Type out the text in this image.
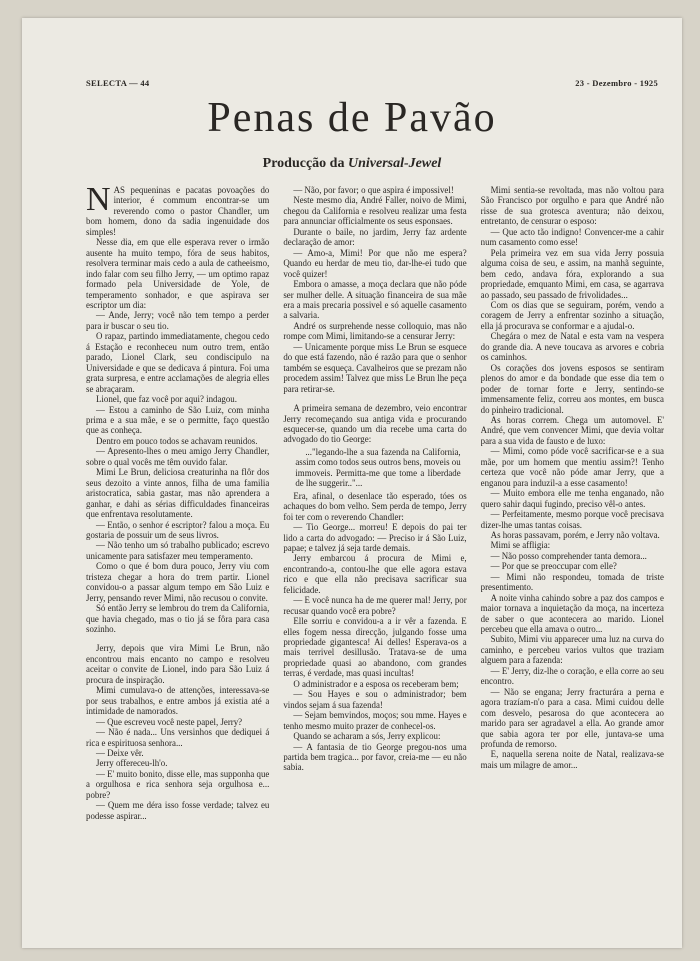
SELECTA — 44	23 - Dezembro - 1925
Penas de Pavão
Producção da Universal-Jewel

NAS pequeninas e pacatas povoações do interior, é commum encontrar-se um reverendo como o pastor Chandler, um bom homem, dono da sadia ingenuidade dos simples!

Nesse dia, em que elle esperava rever o irmão ausente ha muito tempo, fóra de seus habitos, resolvera terminar mais cedo a aula de catheeismo, indo falar com seu filho Jerry, — um optimo rapaz formado pela Universidade de Yole, de temperamento sonhador, e que aspirava ser escriptor um dia:

— Ande, Jerry; você não tem tempo a perder para ir buscar o seu tio.

O rapaz, partindo immediatamente, chegou cedo á Estação e reconheceu num outro trem, então parado, Lionel Clark, seu condiscipulo na Universidade e que se dedicava á pintura. Foi uma grata surpresa, e entre acclamações de alegria elles se abraçaram.

Lionel, que faz você por aqui? indagou.

— Estou a caminho de São Luiz, com minha prima e a sua mãe, e se o permitte, faço questão que as conheça.

Dentro em pouco todos se achavam reunidos.

— Apresento-lhes o meu amigo Jerry Chandler, sobre o qual vocês me têm ouvido falar.

Mimi Le Brun, deliciosa creaturinha na flôr dos seus dezoito a vinte annos, filha de uma familia aristocratica, sabia gastar, mas não aprendera a ganhar, e dahi as sérias difficuldades financeiras que enfrentava resolutamente.

— Então, o senhor é escriptor? falou a moça. Eu gostaria de possuir um de seus livros.

— Não tenho um só trabalho publicado; escrevo unicamente para satisfazer meu temperamento.

Como o que é bom dura pouco, Jerry viu com tristeza chegar a hora do trem partir. Lionel convidou-o a passar algum tempo em São Luiz e Jerry, pensando rever Mimi, não recusou o convite.

Só então Jerry se lembrou do trem da California, que havia chegado, mas o tio já se fôra para casa sozinho.

Jerry, depois que vira Mimi Le Brun, não encontrou mais encanto no campo e resolveu aceitar o convite de Lionel, indo para São Luiz á procura de inspiração.

Mimi cumulava-o de attenções, interessava-se por seus trabalhos, e entre ambos já existia até a intimidade de namorados.

— Que escreveu você neste papel, Jerry?

— Não é nada... Uns versinhos que dediquei á rica e espirituosa senhora...

— Deixe vêr.

Jerry offereceu-lh'o.

— E' muito bonito, disse elle, mas supponha que a orgulhosa e rica senhora seja orgulhosa e... pobre?

— Quem me déra isso fosse verdade; talvez eu podesse aspirar...

— Não, por favor; o que aspira é impossivel!

Neste mesmo dia, André Faller, noivo de Mimi, chegou da California e resolveu realizar uma festa para annunciar officialmente os seus esponsaes.

Durante o baile, no jardim, Jerry faz ardente declaração de amor:

— Amo-a, Mimi! Por que não me espera? Quando eu herdar de meu tio, dar-lhe-ei tudo que você quizer!

Embora o amasse, a moça declara que não póde ser mulher delle. A situação financeira de sua mãe era a mais precaria possivel e só aquelle casamento a salvaria.

André os surprehende nesse colloquio, mas não rompe com Mimi, limitando-se a censurar Jerry:

— Unicamente porque miss Le Brun se esquece do que está fazendo, não é razão para que o senhor também se esqueça. Cavalheiros que se prezam não procedem assim! Talvez que miss Le Brun lhe peça para retirar-se.

A primeira semana de dezembro, veio encontrar Jerry recomeçando sua antiga vida e procurando esquecer-se, quando um dia recebe uma carta do advogado do tio George:

..."legando-lhe a sua fazenda na California, assim como todos seus outros bens, moveis ou immoveis. Permitta-me que tome a liberdade de lhe suggerir.."...

Era, afinal, o desenlace tão esperado, tóes os achaques do bom velho. Sem perda de tempo, Jerry foi ter com o reverendo Chandler:

— Tio George... morreu! E depois do pai ter lido a carta do advogado: — Preciso ir á São Luiz, papae; e talvez já seja tarde demais.

Jerry embarcou á procura de Mimi e, encontrando-a, contou-lhe que elle agora estava rico e que ella não precisava sacrificar sua felicidade.

— E você nunca ha de me querer mal! Jerry, por recusar quando você era pobre?

Elle sorriu e convidou-a a ir vêr a fazenda. E elles fogem nessa direcção, julgando fosse uma propriedade gigantesca! Ai delles! Esperava-os a mais terrivel desillusão. Tratava-se de uma propriedade quasi ao abandono, com grandes terras, é verdade, mas quasi incultas!

O administrador e a esposa os receberam bem;

— Sou Hayes e sou o administrador; bem vindos sejam á sua fazenda!

— Sejam bemvindos, moços; sou mme. Hayes e tenho mesmo muito prazer de conhecel-os.

Quando se acharam a sós, Jerry explicou:

— A fantasia de tio George pregou-nos uma partida bem tragica... por favor, creia-me — eu não sabia.

Mimi sentia-se revoltada, mas não voltou para São Francisco por orgulho e para que André não risse de sua grotesca aventura; não deixou, entretanto, de censurar o esposo:

— Que acto tão indigno! Convencer-me a cahir num casamento como esse!

Pela primeira vez em sua vida Jerry possuia alguma coisa de seu, e assim, na manhã seguinte, bem cedo, andava fóra, explorando a sua propriedade, emquanto Mimi, em casa, se agarrava ao passado, seu passado de frivolidades...

Com os dias que se seguiram, porém, vendo a coragem de Jerry a enfrentar sozinho a situação, ella já procurava se conformar e a ajudal-o.

Chegára o mez de Natal e esta vam na vespera do grande dia. A neve toucava as arvores e cobria os caminhos.

Os corações dos jovens esposos se sentiram plenos do amor e da bondade que esse dia tem o poder de tornar forte e Jerry, sentindo-se immensamente feliz, correu aos montes, em busca do pinheiro tradicional.

As horas correm. Chega um automovel. E' André, que vem convencer Mimi, que devia voltar para a sua vida de fausto e de luxo:

— Mimi, como póde você sacrificar-se e a sua mãe, por um homem que mentiu assim?! Tenho certeza que você não póde amar Jerry, que a enganou para induzil-a a esse casamento!

— Muito embora elle me tenha enganado, não quero sahir daqui fugindo, preciso vêl-o antes.

— Perfeitamente, mesmo porque você precisava dizer-lhe umas tantas coisas.

As horas passavam, porém, e Jerry não voltava.

Mimi se affligia:

— Não posso comprehender tanta demora...

— Por que se preoccupar com elle?

— Mimi não respondeu, tomada de triste presentimento.

A noite vinha cahindo sobre a paz dos campos e maior tornava a inquietação da moça, na incerteza de saber o que acontecera ao marido. Lionel percebeu que ella amava o outro...

Subito, Mimi viu apparecer uma luz na curva do caminho, e percebeu varios vultos que traziam alguem para a fazenda:

— E' Jerry, diz-lhe o coração, e ella corre ao seu encontro.

— Não se engana; Jerry fracturára a perna e agora trazíam-n'o para a casa. Mimi cuidou delle com desvelo, pesarosa do que acontecera ao marido para ser agradavel a ella. Ao grande amor que sabia agora ter por elle, juntava-se uma profunda de remorso.

E, naquella serena noite de Natal, realizava-se mais um milagre de amor...
